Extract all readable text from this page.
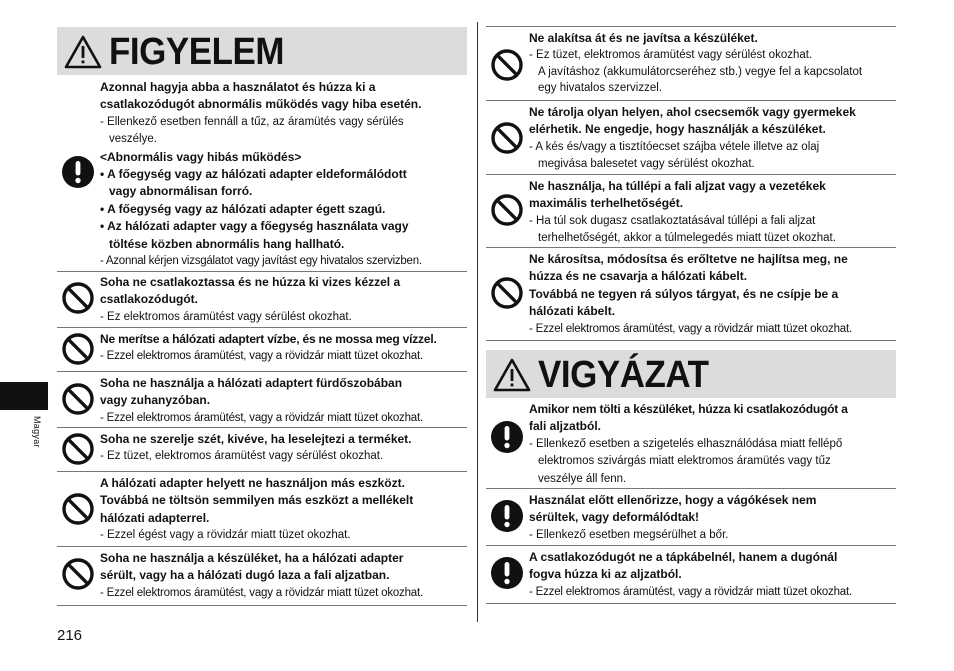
FIGYELEM
Azonnal hagyja abba a használatot és húzza ki a
csatlakozódugót abnormális működés vagy hiba esetén.
- Ellenkező esetben fennáll a tűz, az áramütés vagy sérülés
veszélye.
<Abnormális vagy hibás működés>
• A főegység vagy az hálózati adapter eldeformálódott
vagy abnormálisan forró.
• A főegység vagy az hálózati adapter égett szagú.
• Az hálózati adapter vagy a főegység használata vagy
töltése közben abnormális hang hallható.
- Azonnal kérjen vizsgálatot vagy javítást egy hivatalos szervizben.
Soha ne csatlakoztassa és ne húzza ki vizes kézzel a
csatlakozódugót.
- Ez elektromos áramütést vagy sérülést okozhat.
Ne merítse a hálózati adaptert vízbe, és ne mossa meg vízzel.
- Ezzel elektromos áramütést, vagy a rövidzár miatt tüzet okozhat.
Soha ne használja a hálózati adaptert fürdőszobában
vagy zuhanyzóban.
- Ezzel elektromos áramütést, vagy a rövidzár miatt tüzet okozhat.
Soha ne szerelje szét, kivéve, ha leselejtezi a terméket.
- Ez tüzet, elektromos áramütést vagy sérülést okozhat.
A hálózati adapter helyett ne használjon más eszközt.
Továbbá ne töltsön semmilyen más eszközt a mellékelt
hálózati adapterrel.
- Ezzel égést vagy a rövidzár miatt tüzet okozhat.
Soha ne használja a készüléket, ha a hálózati adapter
sérült, vagy ha a hálózati dugó laza a fali aljzatban.
- Ezzel elektromos áramütést, vagy a rövidzár miatt tüzet okozhat.
Ne alakítsa át és ne javítsa a készüléket.
- Ez tüzet, elektromos áramütést vagy sérülést okozhat.
A javításhoz (akkumulátorcseréhez stb.) vegye fel a kapcsolatot
egy hivatalos szervizzel.
Ne tárolja olyan helyen, ahol csecsemők vagy gyermekek
elérhetik. Ne engedje, hogy használják a készüléket.
- A kés és/vagy a tisztítóecset szájba vétele illetve az olaj
megivása balesetet vagy sérülést okozhat.
Ne használja, ha túllépi a fali aljzat vagy a vezetékek
maximális terhelhetőségét.
- Ha túl sok dugasz csatlakoztatásával túllépi a fali aljzat
terhelhetőségét, akkor a túlmelegedés miatt tüzet okozhat.
Ne károsítsa, módosítsa és erőltetve ne hajlítsa meg, ne
húzza és ne csavarja a hálózati kábelt.
Továbbá ne tegyen rá súlyos tárgyat, és ne csípje be a
hálózati kábelt.
- Ezzel elektromos áramütést, vagy a rövidzár miatt tüzet okozhat.
VIGYÁZAT
Amikor nem tölti a készüléket, húzza ki csatlakozódugót a
fali aljzatból.
- Ellenkező esetben a szigetelés elhasználódása miatt fellépő
elektromos szivárgás miatt elektromos áramütés vagy tűz
veszélye áll fenn.
Használat előtt ellenőrizze, hogy a vágókések nem
sérültek, vagy deformálódtak!
- Ellenkező esetben megsérülhet a bőr.
A csatlakozódugót ne a tápkábelnél, hanem a dugónál
fogva húzza ki az aljzatból.
- Ezzel elektromos áramütést, vagy a rövidzár miatt tüzet okozhat.
Magyar
216
